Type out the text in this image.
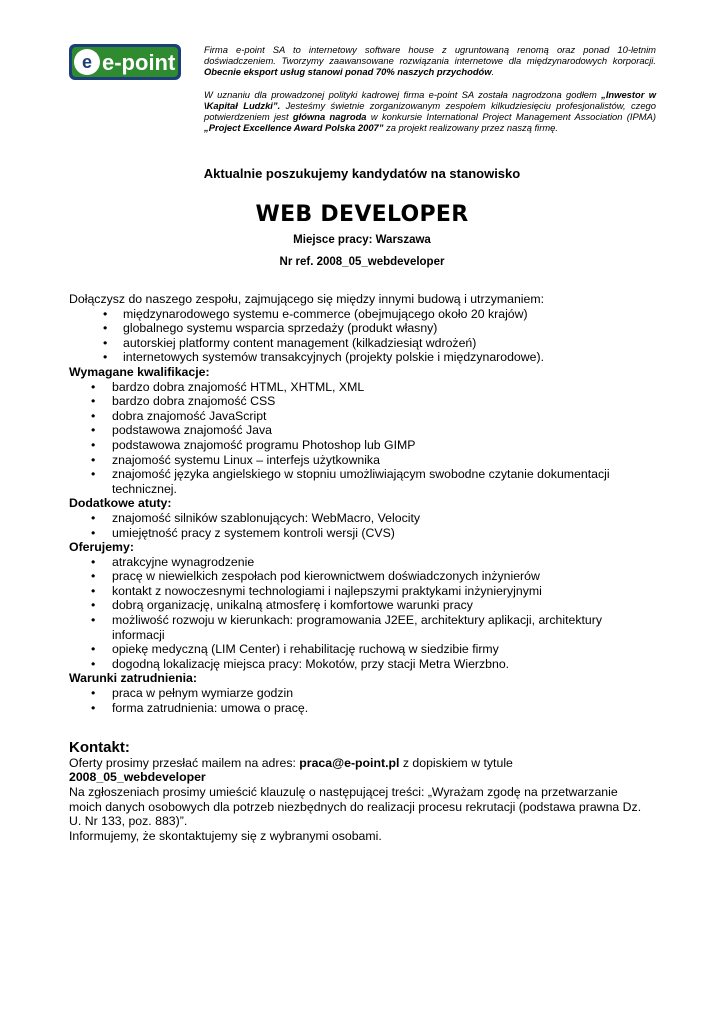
e e-point

Firma e-point SA to internetowy software house z ugruntowaną renomą oraz ponad 10-letnim doświadczeniem. Tworzymy zaawansowane rozwiązania internetowe dla międzynarodowych korporacji. Obecnie eksport usług stanowi ponad 70% naszych przychodów.

W uznaniu dla prowadzonej polityki kadrowej firma e-point SA została nagrodzona godłem „Inwestor w \Kapitał Ludzki”. Jesteśmy świetnie zorganizowanym zespołem kilkudziesięciu profesjonalistów, czego potwierdzeniem jest główna nagroda w konkursie International Project Management Association (IPMA) „Project Excellence Award Polska 2007” za projekt realizowany przez naszą firmę.

Aktualnie poszukujemy kandydatów na stanowisko
WEB DEVELOPER
Miejsce pracy: Warszawa
Nr ref. 2008_05_webdeveloper

Dołączysz do naszego zespołu, zajmującego się między innymi budową i utrzymaniem:

• międzynarodowego systemu e-commerce (obejmującego około 20 krajów)
• globalnego systemu wsparcia sprzedaży (produkt własny)
• autorskiej platformy content management (kilkadziesiąt wdrożeń)
• internetowych systemów transakcyjnych (projekty polskie i międzynarodowe).
Wymagane kwalifikacje:
• bardzo dobra znajomość HTML, XHTML, XML
• bardzo dobra znajomość CSS
• dobra znajomość JavaScript
• podstawowa znajomość Java
• podstawowa znajomość programu Photoshop lub GIMP
• znajomość systemu Linux – interfejs użytkownika
• znajomość języka angielskiego w stopniu umożliwiającym swobodne czytanie dokumentacji technicznej.
Dodatkowe atuty:
• znajomość silników szablonujących: WebMacro, Velocity
• umiejętność pracy z systemem kontroli wersji (CVS)
Oferujemy:
• atrakcyjne wynagrodzenie
• pracę w niewielkich zespołach pod kierownictwem doświadczonych inżynierów
• kontakt z nowoczesnymi technologiami i najlepszymi praktykami inżynieryjnymi
• dobrą organizację, unikalną atmosferę i komfortowe warunki pracy
• możliwość rozwoju w kierunkach: programowania J2EE, architektury aplikacji, architektury informacji
• opiekę medyczną (LIM Center) i rehabilitację ruchową w siedzibie firmy
• dogodną lokalizację miejsca pracy: Mokotów, przy stacji Metra Wierzbno.
Warunki zatrudnienia:
• praca w pełnym wymiarze godzin
• forma zatrudnienia: umowa o pracę.
Kontakt:

Oferty prosimy przesłać mailem na adres: praca@e-point.pl z dopiskiem w tytule
2008_05_webdeveloper

Na zgłoszeniach prosimy umieścić klauzulę o następującej treści: „Wyrażam zgodę na przetwarzanie moich danych osobowych dla potrzeb niezbędnych do realizacji procesu rekrutacji (podstawa prawna Dz. U. Nr 133, poz. 883)”.

Informujemy, że skontaktujemy się z wybranymi osobami.
